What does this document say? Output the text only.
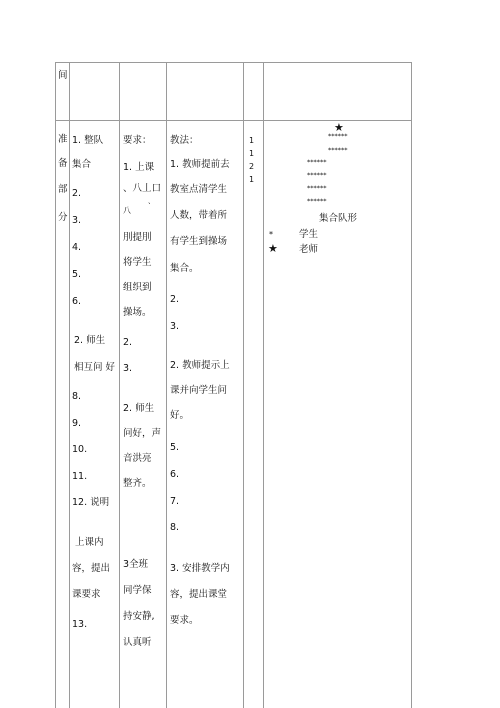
间
准
备
部
分
1. 整队
集合
2.
3.
4.
5.
6.
2. 师生
相互问 好
8.
9.
10.
11.
12. 说明
上课内
容，提出
课要求
13.
要求：
1. 上课
、八丄口
、
八
刖提刖
将学生
组织到
操场。
2.
3.
2. 师生
问好，声
音洪亮
整齐。
3全班
同学保
持安静,
认真听
教法：
1. 教师提前去
教室点清学生
人数，带着所
有学生到操场
集合。
2.
3.
2. 教师提示上
课并向学生问
好。
5.
6.
7.
8.
3. 安排教学内
容，提出课堂
要求。
1
1
2
1
★
******
******
******
******
******
******
集合队形
*	学生
★ 老师
